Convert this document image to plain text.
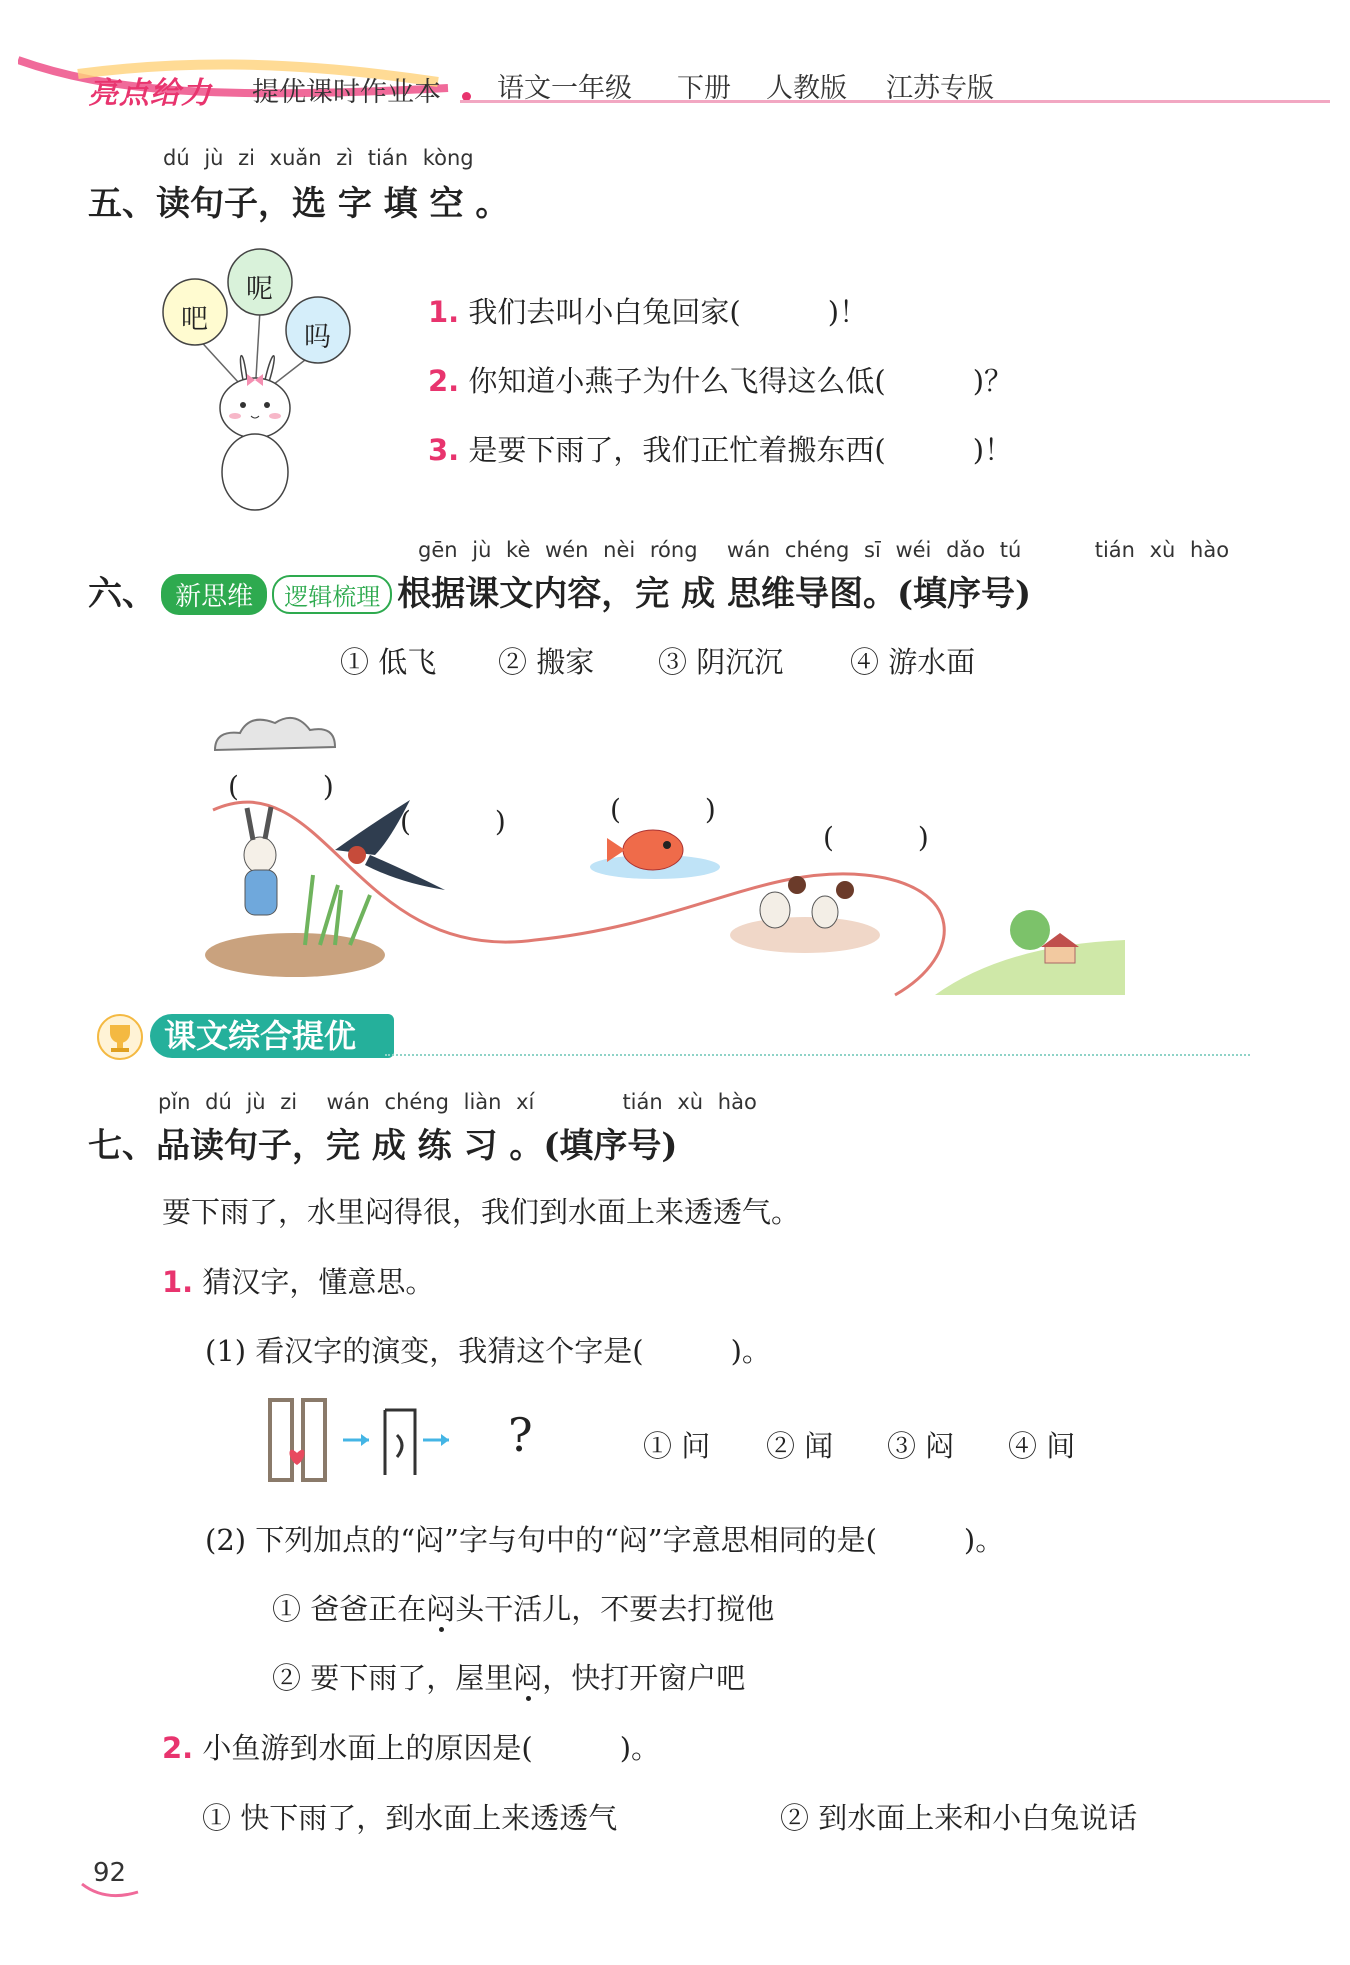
亮点给力 提优课时作业本 语文一年级 下册 人教版 江苏专版
dú jù zi xuǎn zì tián kòng
五、读句子，选 字 填 空 。
吧
呢
吗
1. 我们去叫小白兔回家(　　　)！
2. 你知道小燕子为什么飞得这么低(　　　)？
3. 是要下雨了，我们正忙着搬东西(　　　)！
gēn jù kè wén nèi róng  wán chéng sī wéi dǎo tú     tián xù hào
六、 新思维 逻辑梳理 根据课文内容，完 成 思维导图。(填序号)
① 低飞 ② 搬家 ③ 阴沉沉 ④ 游水面
(　　　)
(　　　)	(　　　)
(　　　)
课文综合提优
pǐn dú jù zi  wán chéng liàn xí      tián xù hào
七、品读句子，完 成 练 习 。(填序号)
要下雨了，水里闷得很，我们到水面上来透透气。
1. 猜汉字，懂意思。
(1) 看汉字的演变，我猜这个字是(　　　)。
?	① 问 ② 闻 ③ 闷 ④ 间
(2) 下列加点的“闷”字与句中的“闷”字意思相同的是(　　　)。
① 爸爸正在闷头干活儿，不要去打搅他
② 要下雨了，屋里闷，快打开窗户吧
2. 小鱼游到水面上的原因是(　　　)。
① 快下雨了，到水面上来透透气	② 到水面上来和小白兔说话
92
